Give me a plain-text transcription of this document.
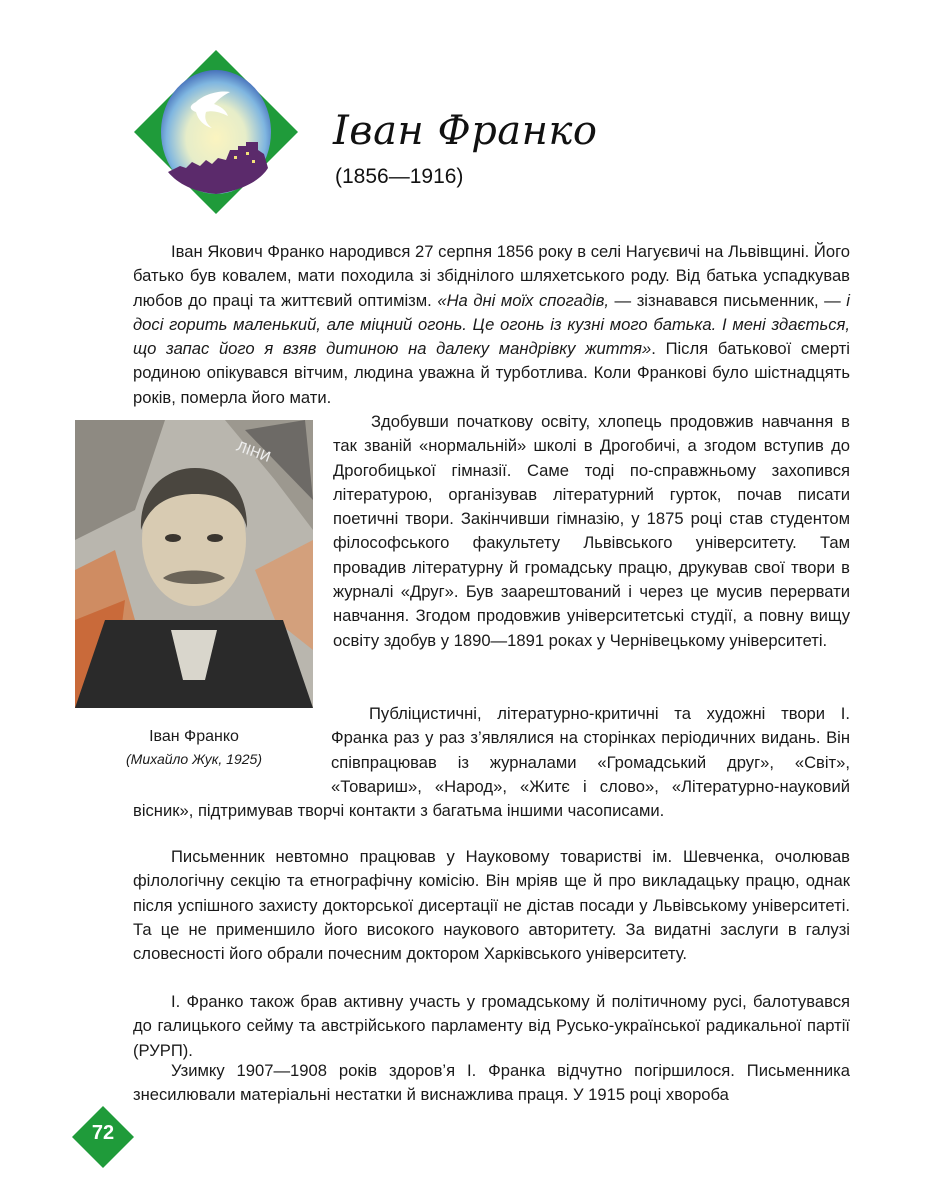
Іван Франко
(1856—1916)

Іван Якович Франко народився 27 серпня 1856 року в селі Нагуєвичі на Львівщині. Його батько був ковалем, мати походила зі збіднілого шляхетського роду. Від батька успадкував любов до праці та життєвий оптимізм. «На дні моїх спогадів, — зізнавався письменник, — і досі горить маленький, але міцний огонь. Це огонь із кузні мого батька. І мені здається, що запас його я взяв дитиною на далеку мандрівку життя». Після батькової смерті родиною опікувався вітчим, людина уважна й турботлива. Коли Франкові було шістнадцять років, померла його мати.

ЛІНИ
Іван Франко
(Михайло Жук, 1925)

Здобувши початкову освіту, хлопець продовжив навчання в так званій «нормальній» школі в Дрогобичі, а згодом вступив до Дрогобицької гімназії. Саме тоді по-справжньому захопився літературою, організував літературний гурток, почав писати поетичні твори. Закінчивши гімназію, у 1875 році став студентом філософського факультету Львівського університету. Там провадив літературну й громадську працю, друкував свої твори в журналі «Друг». Був заарештований і через це мусив перервати навчання. Згодом продовжив університетські студії, а повну вищу освіту здобув у 1890—1891 роках у Чернівецькому університеті.

Публіцистичні, літературно-критичні та художні твори І. Франка раз у раз з’являлися на сторінках періодичних видань. Він співпрацював із журналами «Громадський друг», «Світ», «Товариш», «Народ», «Житє і слово», «Літературно-науковий вісник», підтримував творчі контакти з багатьма іншими часописами.

Письменник невтомно працював у Науковому товаристві ім. Шевченка, очолював філологічну секцію та етнографічну комісію. Він мріяв ще й про викладацьку працю, однак після успішного захисту докторської дисертації не дістав посади у Львівському університеті. Та це не применшило його високого наукового авторитету. За видатні заслуги в галузі словесності його обрали почесним доктором Харківського університету.

І. Франко також брав активну участь у громадському й політичному русі, балотувався до галицького сейму та австрійського парламенту від Русько-української радикальної партії (РУРП).

Узимку 1907—1908 років здоров’я І. Франка відчутно погіршилося. Письменника знесилювали матеріальні нестатки й виснажлива праця. У 1915 році хвороба

72
